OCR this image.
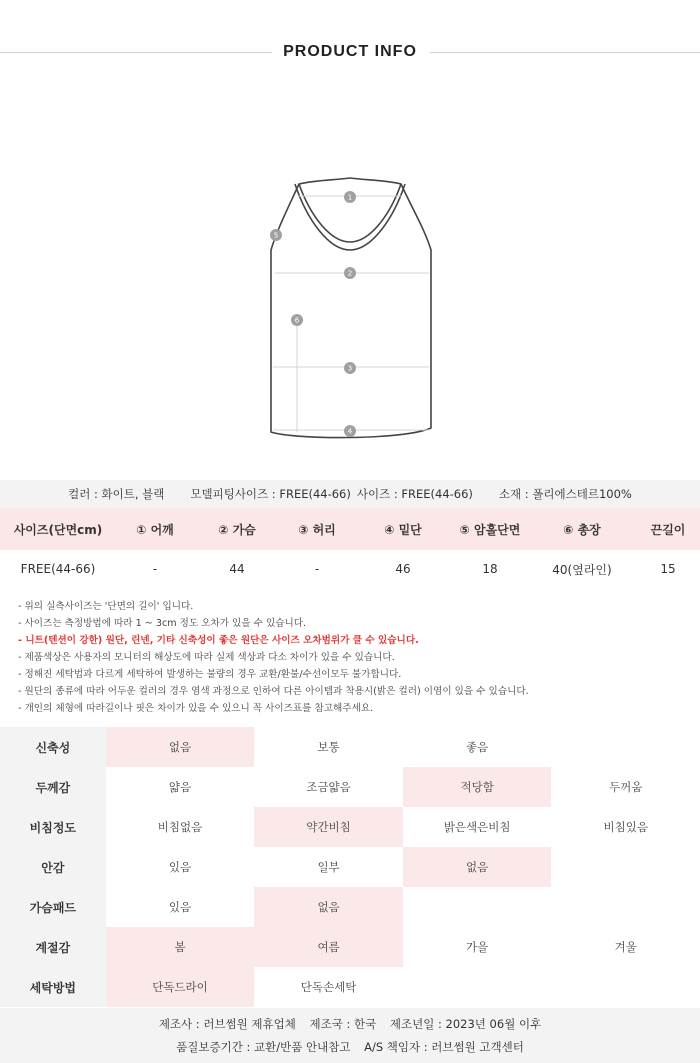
PRODUCT INFO
1
2
3
4
5
6
컬러 : 화이트, 블랙 모델피팅사이즈 : FREE(44-66) 사이즈 : FREE(44-66) 소재 : 폴리에스테르100%
사이즈(단면cm)	① 어깨	② 가슴	③ 허리	④ 밑단	⑤ 암홀단면	⑥ 총장	끈길이
FREE(44-66)	-	44	-	46	18	40(옆라인)	15

- 위의 실측사이즈는 '단면의 길이' 입니다.

- 사이즈는 측정방법에 따라 1 ~ 3cm 정도 오차가 있을 수 있습니다.

- 니트(텐션이 강한) 원단, 린넨, 기타 신축성이 좋은 원단은 사이즈 오차범위가 클 수 있습니다.

- 제품색상은 사용자의 모니터의 해상도에 따라 실제 색상과 다소 차이가 있을 수 있습니다.

- 정해진 세탁법과 다르게 세탁하여 발생하는 불량의 경우 교환/환불/수선이모두 불가합니다.

- 원단의 종류에 따라 어두운 컬러의 경우 염색 과정으로 인하여 다른 아이템과 착용시(밝은 컬러) 이염이 있을 수 있습니다.

- 개인의 체형에 따라길이나 핏은 차이가 있을 수 있으니 꼭 사이즈표를 참고해주세요.

신축성	없음	보통	좋음
두께감	얇음	조금얇음	적당함	두꺼움
비침정도	비침없음	약간비침	밝은색은비침	비침있음
안감	있음	일부	없음
가슴패드	있음	없음
계절감	봄	여름	가을	겨울
세탁방법	단독드라이	단독손세탁
제조사 : 러브썸원 제휴업체 제조국 : 한국 제조년일 : 2023년 06월 이후
품질보증기간 : 교환/반품 안내참고 A/S 책임자 : 러브썸원 고객센터
